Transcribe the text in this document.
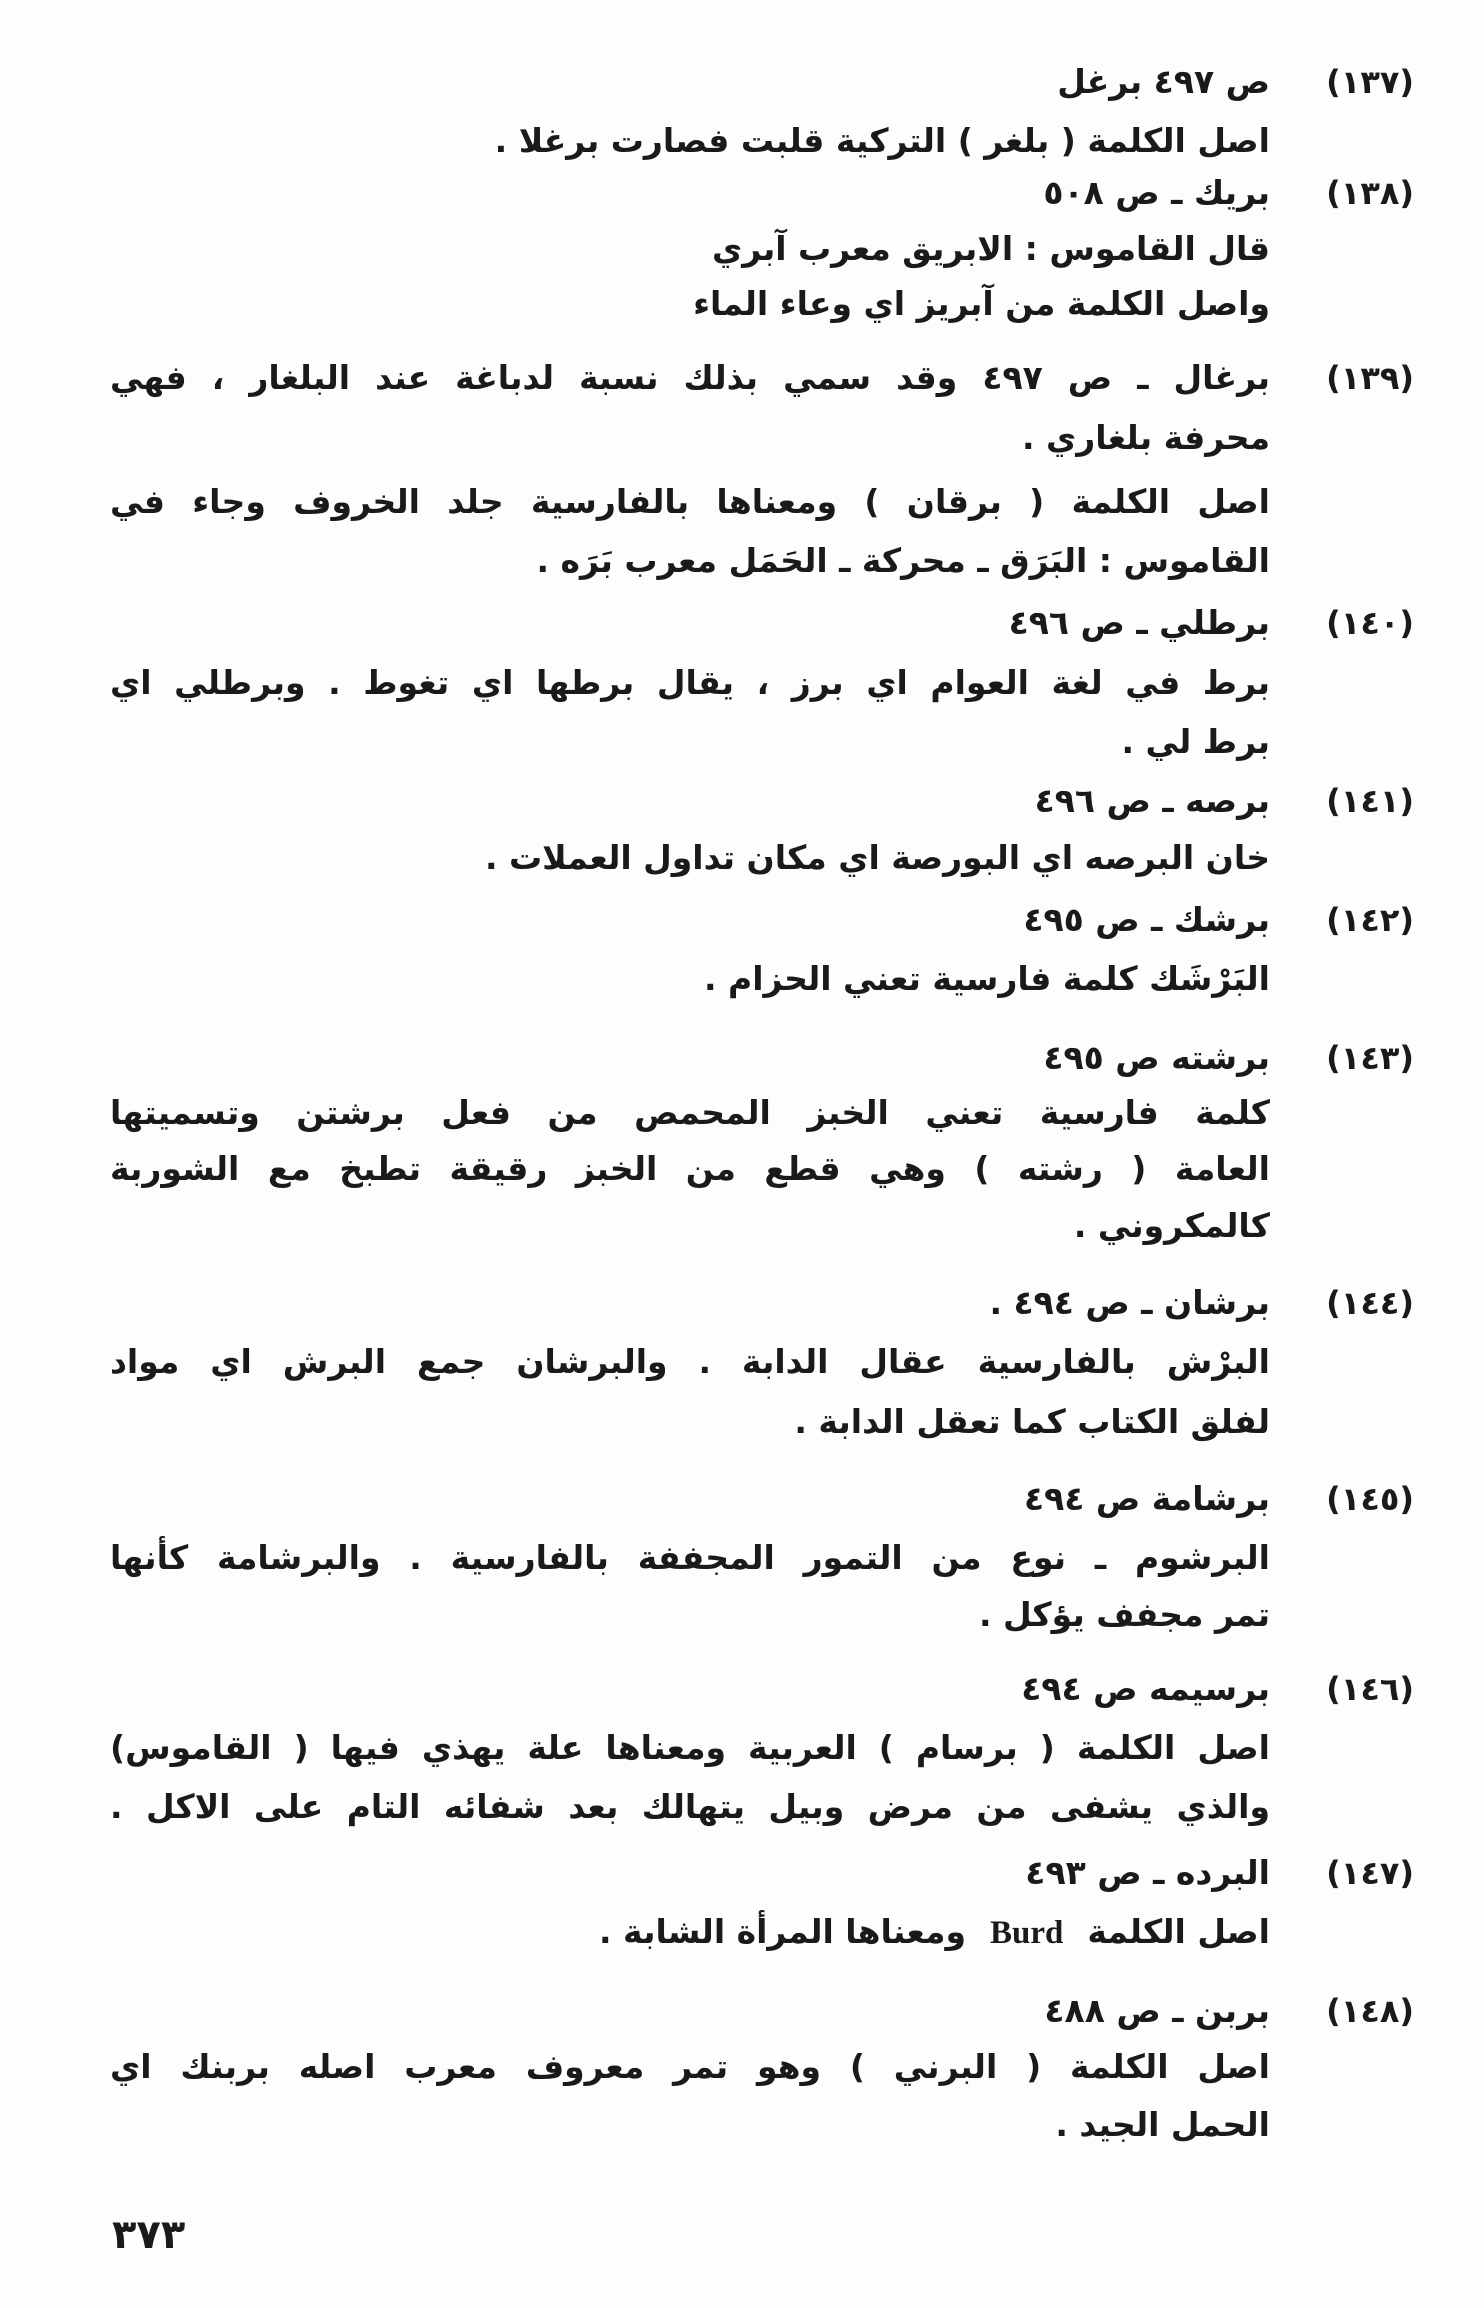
(١٣٧)
ص ٤٩٧ برغل
اصل الكلمة ( بلغر ) التركية قلبت فصارت برغلا .
(١٣٨)
بريك ـ ص ٥٠٨
قال القاموس : الابريق معرب آبري
واصل الكلمة من آبريز اي وعاء الماء
(١٣٩)
برغال ـ ص ٤٩٧ وقد سمي بذلك نسبة لدباغة عند البلغار ، فهي
محرفة بلغاري .
اصل الكلمة ( برقان ) ومعناها بالفارسية جلد الخروف وجاء في
القاموس : البَرَق ـ محركة ـ الحَمَل معرب بَرَه .
(١٤٠)
برطلي ـ ص ٤٩٦
برط في لغة العوام اي برز ، يقال برطها اي تغوط . وبرطلي اي
برط لي .
(١٤١)
برصه ـ ص ٤٩٦
خان البرصه اي البورصة اي مكان تداول العملات .
(١٤٢)
برشك ـ ص ٤٩٥
البَرْشَك كلمة فارسية تعني الحزام .
(١٤٣)
برشته ص ٤٩٥
كلمة فارسية تعني الخبز المحمص من فعل برشتن وتسميتها
العامة ( رشته ) وهي قطع من الخبز رقيقة تطبخ مع الشوربة
كالمكروني .
(١٤٤)
برشان ـ ص ٤٩٤ .
البرْش بالفارسية عقال الدابة . والبرشان جمع البرش اي مواد
لفلق الكتاب كما تعقل الدابة .
(١٤٥)
برشامة ص ٤٩٤
البرشوم ـ نوع من التمور المجففة بالفارسية . والبرشامة كأنها
تمر مجفف يؤكل .
(١٤٦)
برسيمه ص ٤٩٤
اصل الكلمة ( برسام ) العربية ومعناها علة يهذي فيها ( القاموس)
والذي يشفى من مرض وبيل يتهالك بعد شفائه التام على الاكل .
(١٤٧)
البرده ـ ص ٤٩٣
اصل الكلمةBurdومعناها المرأة الشابة .
(١٤٨)
بربن ـ ص ٤٨٨
اصل الكلمة ( البرني ) وهو تمر معروف معرب اصله بربنك اي
الحمل الجيد .
٣٧٣
